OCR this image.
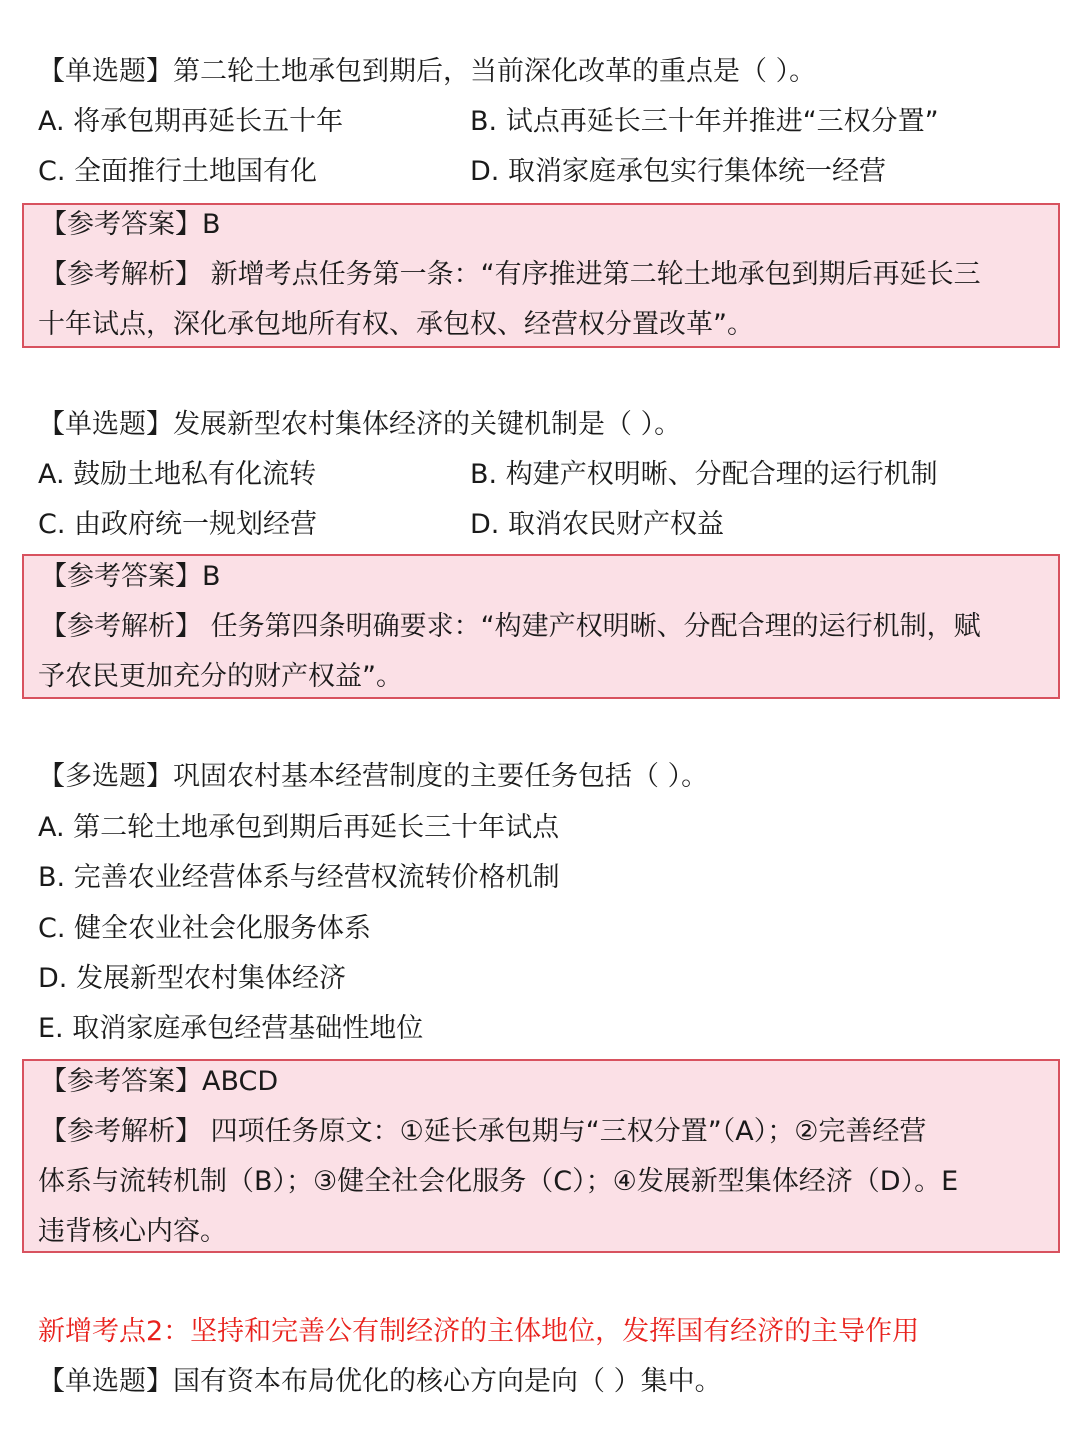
【单选题】第二轮土地承包到期后，当前深化改革的重点是（ ）。
A. 将承包期再延长五十年	B. 试点再延长三十年并推进“三权分置”
C. 全面推行土地国有化	D. 取消家庭承包实行集体统一经营
【参考答案】B
【参考解析】 新增考点任务第一条：“有序推进第二轮土地承包到期后再延长三
十年试点，深化承包地所有权、承包权、经营权分置改革”。
【单选题】发展新型农村集体经济的关键机制是（ ）。
A. 鼓励土地私有化流转	B. 构建产权明晰、分配合理的运行机制
C. 由政府统一规划经营	D. 取消农民财产权益
【参考答案】B
【参考解析】 任务第四条明确要求：“构建产权明晰、分配合理的运行机制，赋
予农民更加充分的财产权益”。
【多选题】巩固农村基本经营制度的主要任务包括（ ）。
A. 第二轮土地承包到期后再延长三十年试点
B. 完善农业经营体系与经营权流转价格机制
C. 健全农业社会化服务体系
D. 发展新型农村集体经济
E. 取消家庭承包经营基础性地位
【参考答案】ABCD
【参考解析】 四项任务原文：①延长承包期与“三权分置”（A）；②完善经营
体系与流转机制（B）；③健全社会化服务（C）；④发展新型集体经济（D）。E
违背核心内容。
新增考点2：坚持和完善公有制经济的主体地位，发挥国有经济的主导作用
【单选题】国有资本布局优化的核心方向是向（ ）集中。
